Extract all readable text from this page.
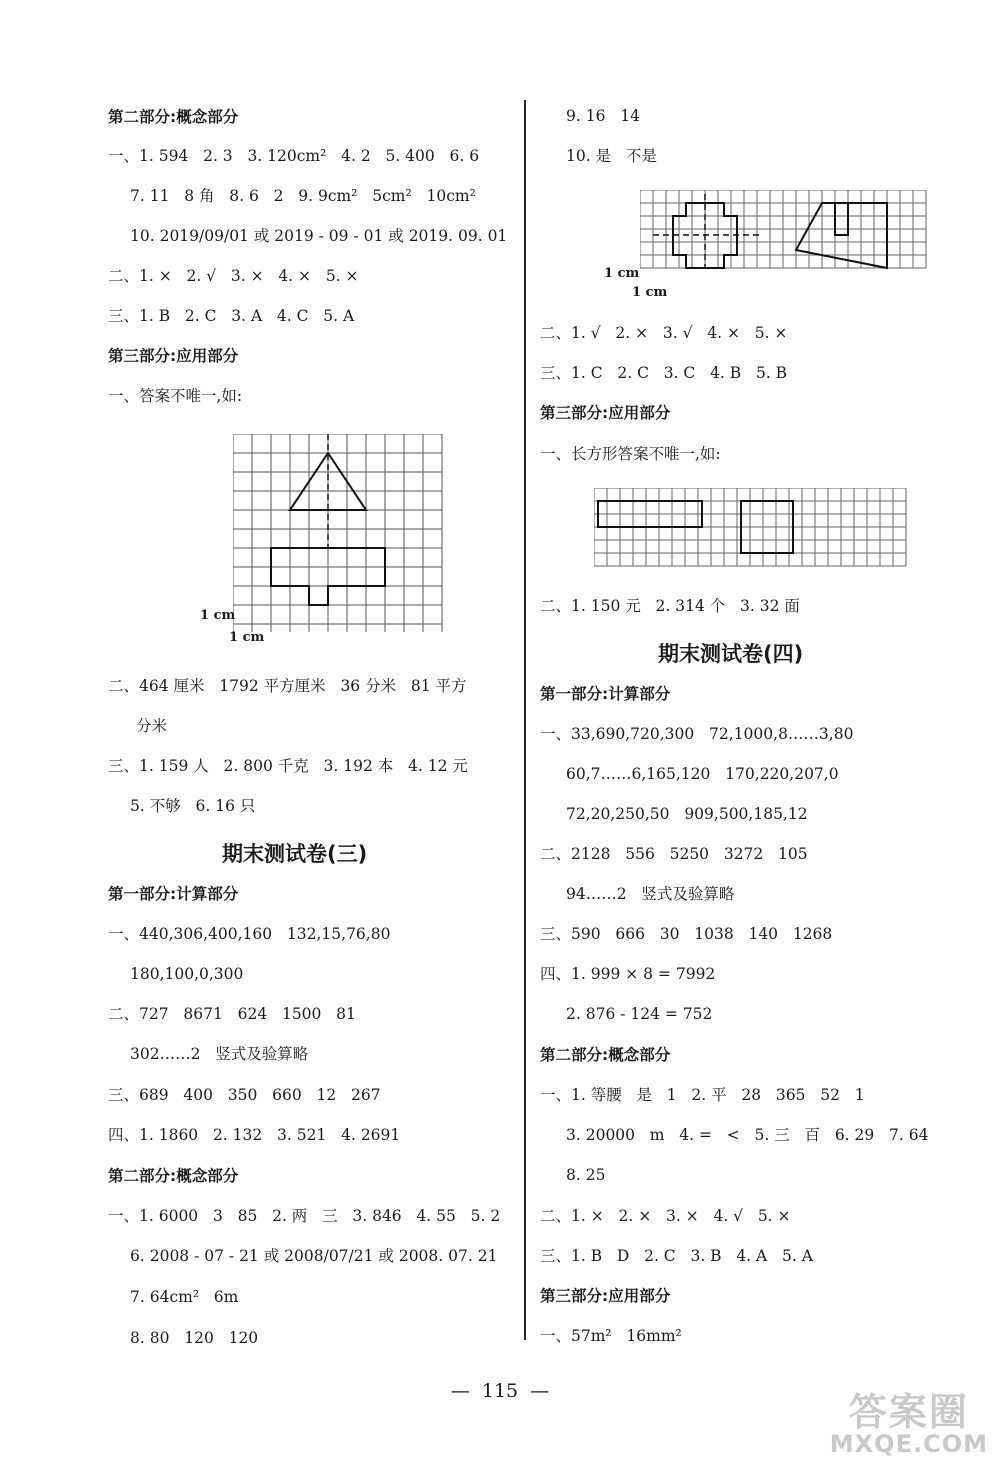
第二部分:概念部分
一、1. 594   2. 3   3. 120cm²   4. 2   5. 400   6. 6
7. 11   8 角   8. 6   2   9. 9cm²   5cm²   10cm²
10. 2019/09/01 或 2019 - 09 - 01 或 2019. 09. 01
二、1. ×   2. √   3. ×   4. ×   5. ×
三、1. B   2. C   3. A   4. C   5. A
第三部分:应用部分
一、答案不唯一,如:
1 cm
1 cm
二、464 厘米   1792 平方厘米   36 分米   81 平方
分米
三、1. 159 人   2. 800 千克   3. 192 本   4. 12 元
5. 不够   6. 16 只
期末测试卷(三)
第一部分:计算部分
一、440,306,400,160   132,15,76,80
180,100,0,300
二、727   8671   624   1500   81
302……2   竖式及验算略
三、689   400   350   660   12   267
四、1. 1860   2. 132   3. 521   4. 2691
第二部分:概念部分
一、1. 6000   3   85   2. 两   三   3. 846   4. 55   5. 2
6. 2008 - 07 - 21 或 2008/07/21 或 2008. 07. 21
7. 64cm²   6m
8. 80   120   120
9. 16   14
10. 是   不是
1 cm
1 cm
二、1. √   2. ×   3. √   4. ×   5. ×
三、1. C   2. C   3. C   4. B   5. B
第三部分:应用部分
一、长方形答案不唯一,如:
二、1. 150 元   2. 314 个   3. 32 面
期末测试卷(四)
第一部分:计算部分
一、33,690,720,300   72,1000,8……3,80
60,7……6,165,120   170,220,207,0
72,20,250,50   909,500,185,12
二、2128   556   5250   3272   105
94……2   竖式及验算略
三、590   666   30   1038   140   1268
四、1. 999 × 8 = 7992
2. 876 - 124 = 752
第二部分:概念部分
一、1. 等腰   是   1   2. 平   28   365   52   1
3. 20000   m   4. =   <   5. 三   百   6. 29   7. 64
8. 25
二、1. ×   2. ×   3. ×   4. √   5. ×
三、1. B   D   2. C   3. B   4. A   5. A
第三部分:应用部分
一、57m²   16mm²
—  115  —	答案圈
MXQE.COM
